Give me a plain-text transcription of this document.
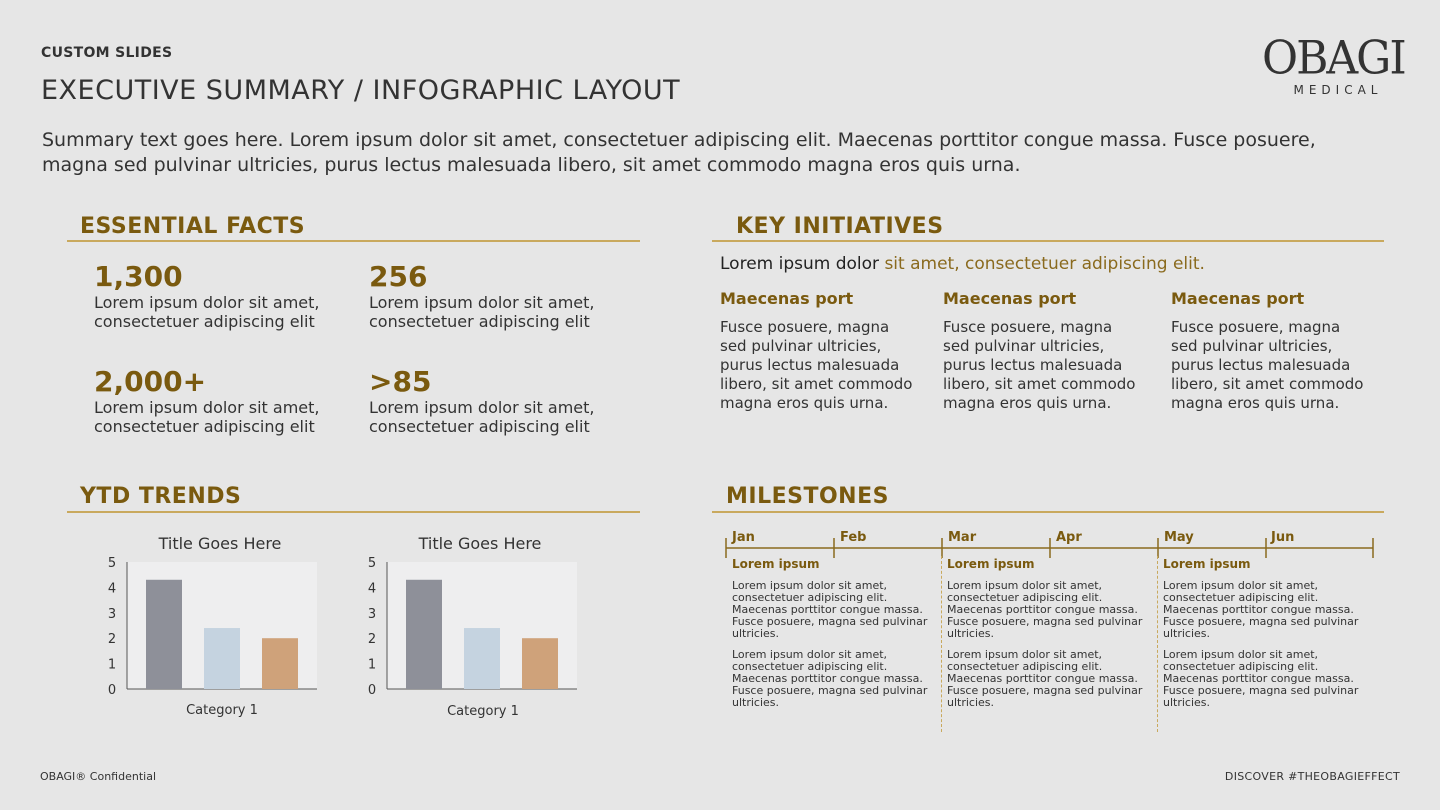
CUSTOM SLIDES
EXECUTIVE SUMMARY / INFOGRAPHIC LAYOUT
OBAGI
MEDICAL
Summary text goes here. Lorem ipsum dolor sit amet, consectetuer adipiscing elit. Maecenas porttitor congue massa. Fusce posuere, magna sed pulvinar ultricies, purus lectus malesuada libero, sit amet commodo magna eros quis urna.
ESSENTIAL FACTS
1,300
Lorem ipsum dolor sit amet, consectetuer adipiscing elit
256
Lorem ipsum dolor sit amet, consectetuer adipiscing elit
2,000+
Lorem ipsum dolor sit amet, consectetuer adipiscing elit
>85
Lorem ipsum dolor sit amet, consectetuer adipiscing elit
KEY INITIATIVES
Lorem ipsum dolor sit amet, consectetuer adipiscing elit.
Maecenas port
Fusce posuere, magna sed pulvinar ultricies, purus lectus malesuada libero, sit amet commodo magna eros quis urna.
Maecenas port
Fusce posuere, magna sed pulvinar ultricies, purus lectus malesuada libero, sit amet commodo magna eros quis urna.
Maecenas port
Fusce posuere, magna sed pulvinar ultricies, purus lectus malesuada libero, sit amet commodo magna eros quis urna.
YTD TRENDS
Title Goes Here
0
1
2
3
4
5
Category 1
Title Goes Here
0
1
2
3
4
5
Category 1
MILESTONES
Jan	Feb	Mar	Apr	May	Jun
Lorem ipsum
Lorem ipsum dolor sit amet, consectetuer adipiscing elit. Maecenas porttitor congue massa. Fusce posuere, magna sed pulvinar ultricies.
Lorem ipsum dolor sit amet, consectetuer adipiscing elit. Maecenas porttitor congue massa. Fusce posuere, magna sed pulvinar ultricies.
Lorem ipsum
Lorem ipsum dolor sit amet, consectetuer adipiscing elit. Maecenas porttitor congue massa. Fusce posuere, magna sed pulvinar ultricies.
Lorem ipsum dolor sit amet, consectetuer adipiscing elit. Maecenas porttitor congue massa. Fusce posuere, magna sed pulvinar ultricies.
Lorem ipsum
Lorem ipsum dolor sit amet, consectetuer adipiscing elit. Maecenas porttitor congue massa. Fusce posuere, magna sed pulvinar ultricies.
Lorem ipsum dolor sit amet, consectetuer adipiscing elit. Maecenas porttitor congue massa. Fusce posuere, magna sed pulvinar ultricies.
OBAGI® Confidential	DISCOVER #THEOBAGIEFFECT
